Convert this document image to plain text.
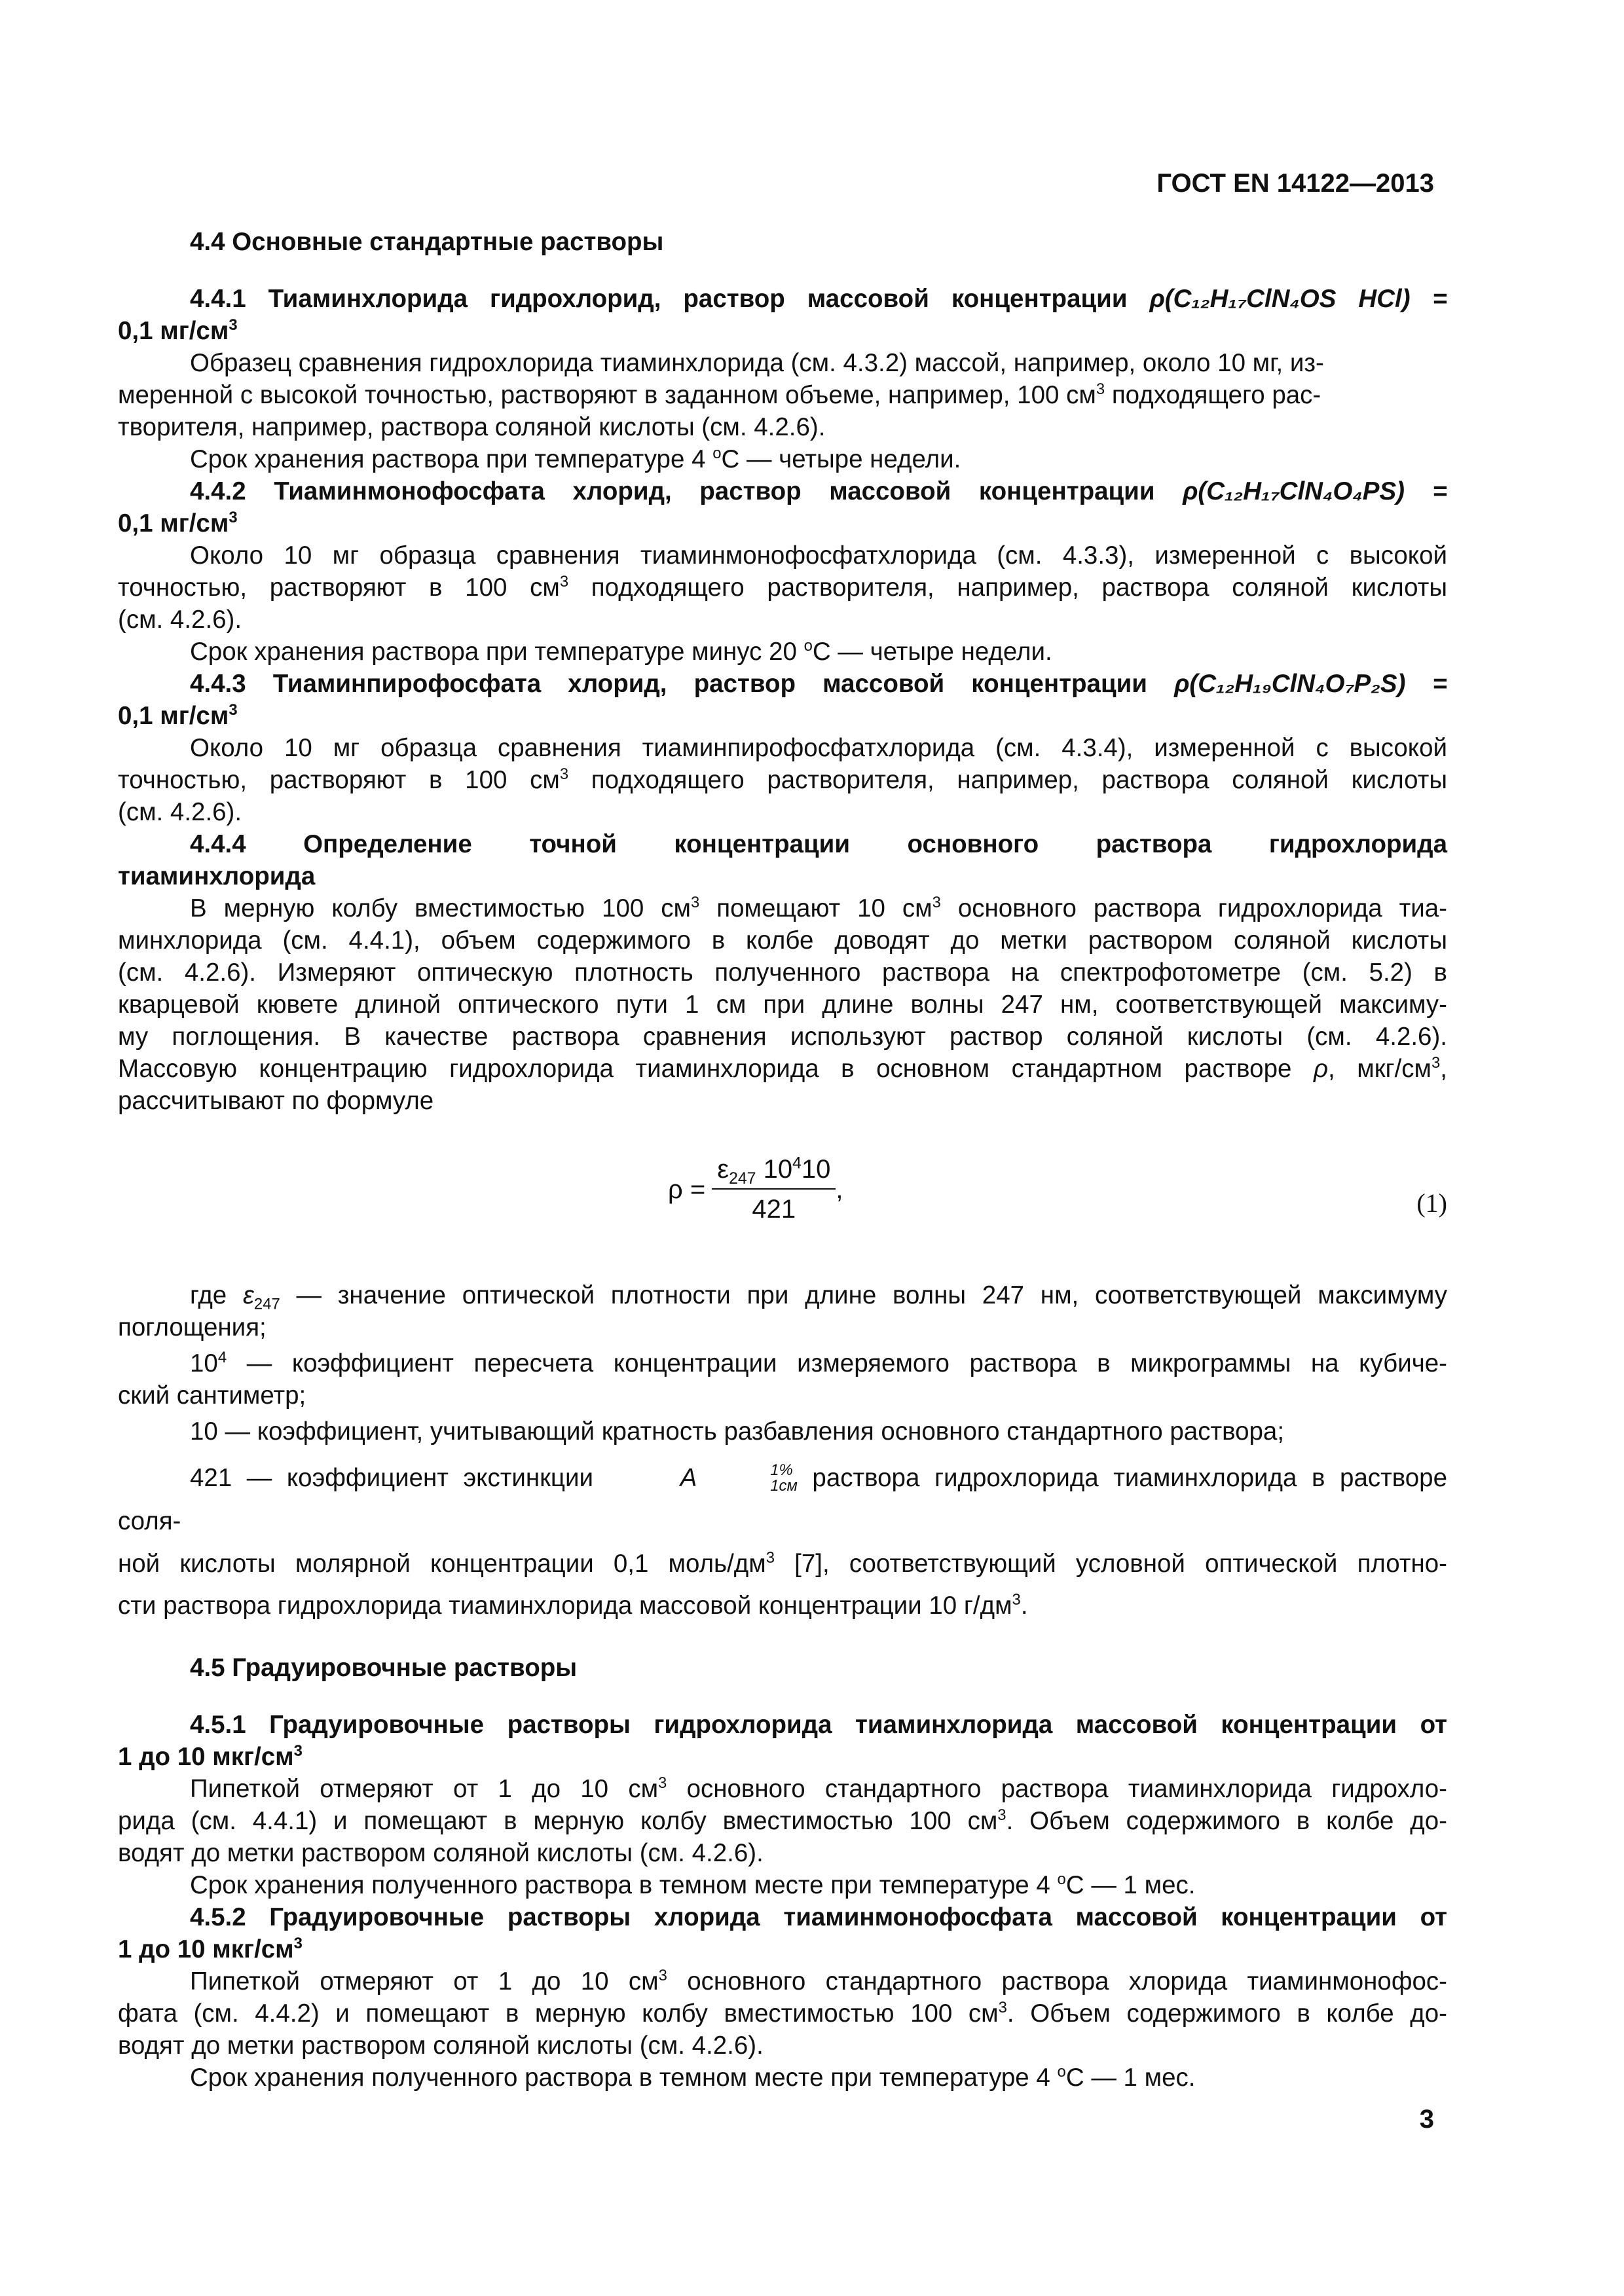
ГОСТ EN 14122—2013

4.4 Основные стандартные растворы

4.4.1 Тиаминхлорида гидрохлорид, раствор массовой концентрации ρ(C₁₂H₁₇ClN₄OS HCl) =

0,1 $мг/см^3$

Образец сравнения гидрохлорида тиаминхлорида (см. 4.3.2) массой, например, около 10 мг, из-

меренной с высокой точностью, растворяют в заданном объеме, например, 100 $см^3$ подходящего рас-

творителя, например, раствора соляной кислоты (см. 4.2.6).

Срок хранения раствора при температуре 4 $^o$C — четыре недели.

4.4.2 Тиаминмонофосфата хлорид, раствор массовой концентрации ρ(C₁₂H₁₇ClN₄O₄PS) =

0,1 $мг/см^3$

Около 10 мг образца сравнения тиаминмонофосфатхлорида (см. 4.3.3), измеренной с высокой

точностью, растворяют в 100 $см^3$ подходящего растворителя, например, раствора соляной кислоты

(см. 4.2.6).

Срок хранения раствора при температуре минус 20 $^o$C — четыре недели.

4.4.3 Тиаминпирофосфата хлорид, раствор массовой концентрации ρ(C₁₂H₁₉ClN₄O₇P₂S) =

0,1 $мг/см^3$

Около 10 мг образца сравнения тиаминпирофосфатхлорида (см. 4.3.4), измеренной с высокой

точностью, растворяют в 100 $см^3$ подходящего растворителя, например, раствора соляной кислоты

(см. 4.2.6).

4.4.4 Определение точной концентрации основного раствора гидрохлорида

тиаминхлорида

В мерную колбу вместимостью 100 $см^3$ помещают 10 $см^3$ основного раствора гидрохлорида тиа-

минхлорида (см. 4.4.1), объем содержимого в колбе доводят до метки раствором соляной кислоты

(см. 4.2.6). Измеряют оптическую плотность полученного раствора на спектрофотометре (см. 5.2) в

кварцевой кювете длиной оптического пути 1 см при длине волны 247 нм, соответствующей максиму-

му поглощения. В качестве раствора сравнения используют раствор соляной кислоты (см. 4.2.6).

Массовую концентрацию гидрохлорида тиаминхлорида в основном стандартном растворе ρ, мкг/$см^3$,

рассчитывают по формуле

$\rho = \frac{\varepsilon_{247} 10^410}{421}$ ,	(1)

где $\varepsilon_{247}$ — значение оптической плотности при длине волны 247 нм, соответствующей максимуму

поглощения;

$10^4$ — коэффициент пересчета концентрации измеряемого раствора в микрограммы на кубиче-

ский сантиметр;

10 — коэффициент, учитывающий кратность разбавления основного стандартного раствора;

421 — коэффициент экстинкции	A	1%
1см раствора гидрохлорида тиаминхлорида в растворе соля-

ной кислоты молярной концентрации 0,1 моль/$дм^3$ [7], соответствующий условной оптической плотно-

сти раствора гидрохлорида тиаминхлорида массовой концентрации 10 $г/дм^3$.

4.5 Градуировочные растворы

4.5.1 Градуировочные растворы гидрохлорида тиаминхлорида массовой концентрации от

1 до 10 мкг/$см^3$

Пипеткой отмеряют от 1 до 10 $см^3$ основного стандартного раствора тиаминхлорида гидрохло-

рида (см. 4.4.1) и помещают в мерную колбу вместимостью 100 $см^3$. Объем содержимого в колбе до-

водят до метки раствором соляной кислоты (см. 4.2.6).

Срок хранения полученного раствора в темном месте при температуре 4 $^o$C — 1 мес.

4.5.2 Градуировочные растворы хлорида тиаминмонофосфата массовой концентрации от

1 до 10 мкг/$см^3$

Пипеткой отмеряют от 1 до 10 $см^3$ основного стандартного раствора хлорида тиаминмонофос-

фата (см. 4.4.2) и помещают в мерную колбу вместимостью 100 $см^3$. Объем содержимого в колбе до-

водят до метки раствором соляной кислоты (см. 4.2.6).

Срок хранения полученного раствора в темном месте при температуре 4 $^o$C — 1 мес.

3
